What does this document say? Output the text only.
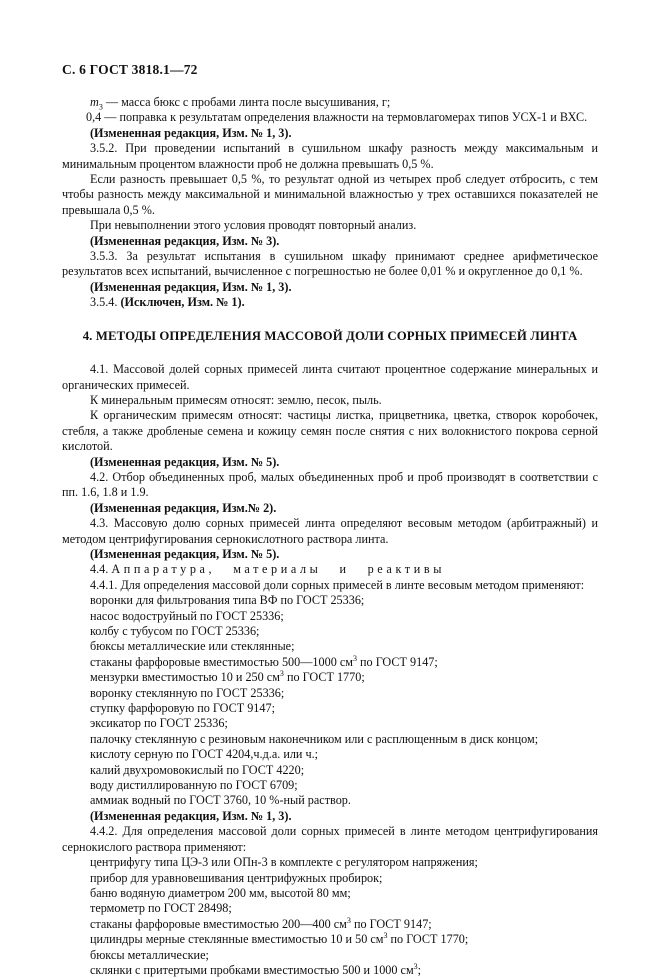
С. 6 ГОСТ 3818.1—72

$m_3$ — масса бюкс с пробами линта после высушивания, г;

0,4 — поправка к результатам определения влажности на термовлагомерах типов УСХ-1 и ВХС.

(Измененная редакция, Изм. № 1, 3).

3.5.2. При проведении испытаний в сушильном шкафу разность между максимальным и минимальным процентом влажности проб не должна превышать 0,5 %.

Если разность превышает 0,5 %, то результат одной из четырех проб следует отбросить, с тем чтобы разность между максимальной и минимальной влажностью у трех оставшихся показателей не превышала 0,5 %.

При невыполнении этого условия проводят повторный анализ.

(Измененная редакция, Изм. № 3).

3.5.3. За результат испытания в сушильном шкафу принимают среднее арифметическое результатов всех испытаний, вычисленное с погрешностью не более 0,01 % и округленное до 0,1 %.

(Измененная редакция, Изм. № 1, 3).

3.5.4. (Исключен, Изм. № 1).

4. МЕТОДЫ ОПРЕДЕЛЕНИЯ МАССОВОЙ ДОЛИ СОРНЫХ ПРИМЕСЕЙ ЛИНТА

4.1. Массовой долей сорных примесей линта считают процентное содержание минеральных и органических примесей.

К минеральным примесям относят: землю, песок, пыль.

К органическим примесям относят: частицы листка, прицветника, цветка, створок коробочек, стебля, а также дробленые семена и кожицу семян после снятия с них волокнистого покрова серной кислотой.

(Измененная редакция, Изм. № 5).

4.2. Отбор объединенных проб, малых объединенных проб и проб производят в соответствии с пп. 1.6, 1.8 и 1.9.

(Измененная редакция, Изм.№ 2).

4.3. Массовую долю сорных примесей линта определяют весовым методом (арбитражный) и методом центрифугирования сернокислотного раствора линта.

(Измененная редакция, Изм. № 5).

4.4. Аппаратура, материалы и реактивы

4.4.1. Для определения массовой доли сорных примесей в линте весовым методом применяют:

воронки для фильтрования типа ВФ по ГОСТ 25336;

насос водоструйный по ГОСТ 25336;

колбу с тубусом по ГОСТ 25336;

бюксы металлические или стеклянные;

стаканы фарфоровые вместимостью 500—1000 $см^3$ по ГОСТ 9147;

мензурки вместимостью 10 и 250 $см^3$ по ГОСТ 1770;

воронку стеклянную по ГОСТ 25336;

ступку фарфоровую по ГОСТ 9147;

эксикатор по ГОСТ 25336;

палочку стеклянную с резиновым наконечником или с расплющенным в диск концом;

кислоту серную по ГОСТ 4204,ч.д.а. или ч.;

калий двухромовокислый по ГОСТ 4220;

воду дистиллированную по ГОСТ 6709;

аммиак водный по ГОСТ 3760, 10 %-ный раствор.

(Измененная редакция, Изм. № 1, 3).

4.4.2. Для определения массовой доли сорных примесей в линте методом центрифугирования сернокислого раствора применяют:

центрифугу типа ЦЭ-3 или ОПн-3 в комплекте с регулятором напряжения;

прибор для уравновешивания центрифужных пробирок;

баню водяную диаметром 200 мм, высотой 80 мм;

термометр по ГОСТ 28498;

стаканы фарфоровые вместимостью 200—400 $см^3$ по ГОСТ 9147;

цилиндры мерные стеклянные вместимостью 10 и 50 $см^3$ по ГОСТ 1770;

бюксы металлические;

склянки с притертыми пробками вместимостью 500 и 1000 $см^3$;
